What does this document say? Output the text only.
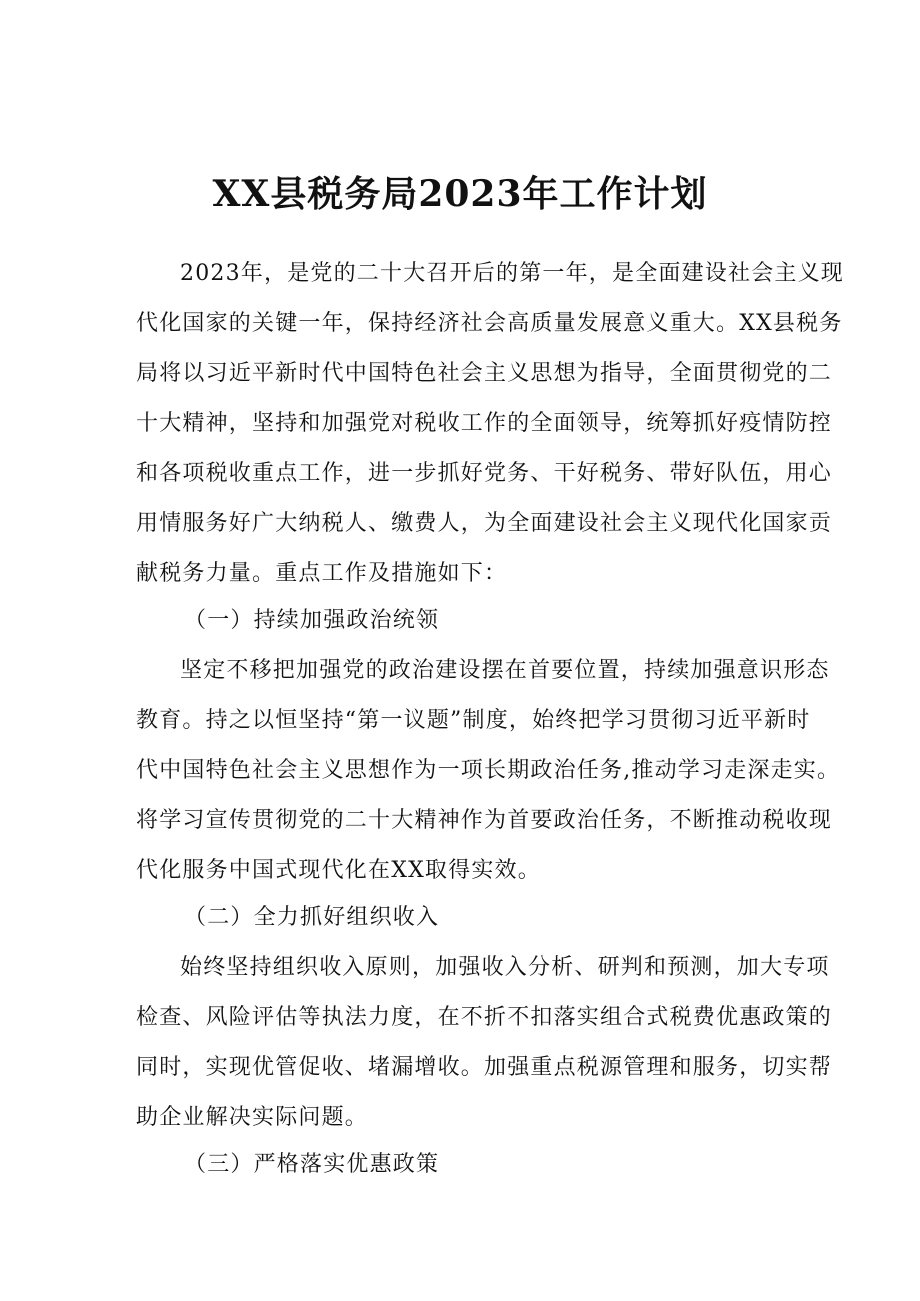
XX县税务局2023年工作计划
2023年，是党的二十大召开后的第一年，是全面建设社会主义现
代化国家的关键一年，保持经济社会高质量发展意义重大。XX县税务
局将以习近平新时代中国特色社会主义思想为指导，全面贯彻党的二
十大精神，坚持和加强党对税收工作的全面领导，统筹抓好疫情防控
和各项税收重点工作，进一步抓好党务、干好税务、带好队伍，用心
用情服务好广大纳税人、缴费人，为全面建设社会主义现代化国家贡
献税务力量。重点工作及措施如下：
（一）持续加强政治统领
坚定不移把加强党的政治建设摆在首要位置，持续加强意识形态
教育。持之以恒坚持“第一议题”制度，始终把学习贯彻习近平新时
代中国特色社会主义思想作为一项长期政治任务,推动学习走深走实。
将学习宣传贯彻党的二十大精神作为首要政治任务，不断推动税收现
代化服务中国式现代化在XX取得实效。
（二）全力抓好组织收入
始终坚持组织收入原则，加强收入分析、研判和预测，加大专项
检查、风险评估等执法力度，在不折不扣落实组合式税费优惠政策的
同时，实现优管促收、堵漏增收。加强重点税源管理和服务，切实帮
助企业解决实际问题。
（三）严格落实优惠政策
